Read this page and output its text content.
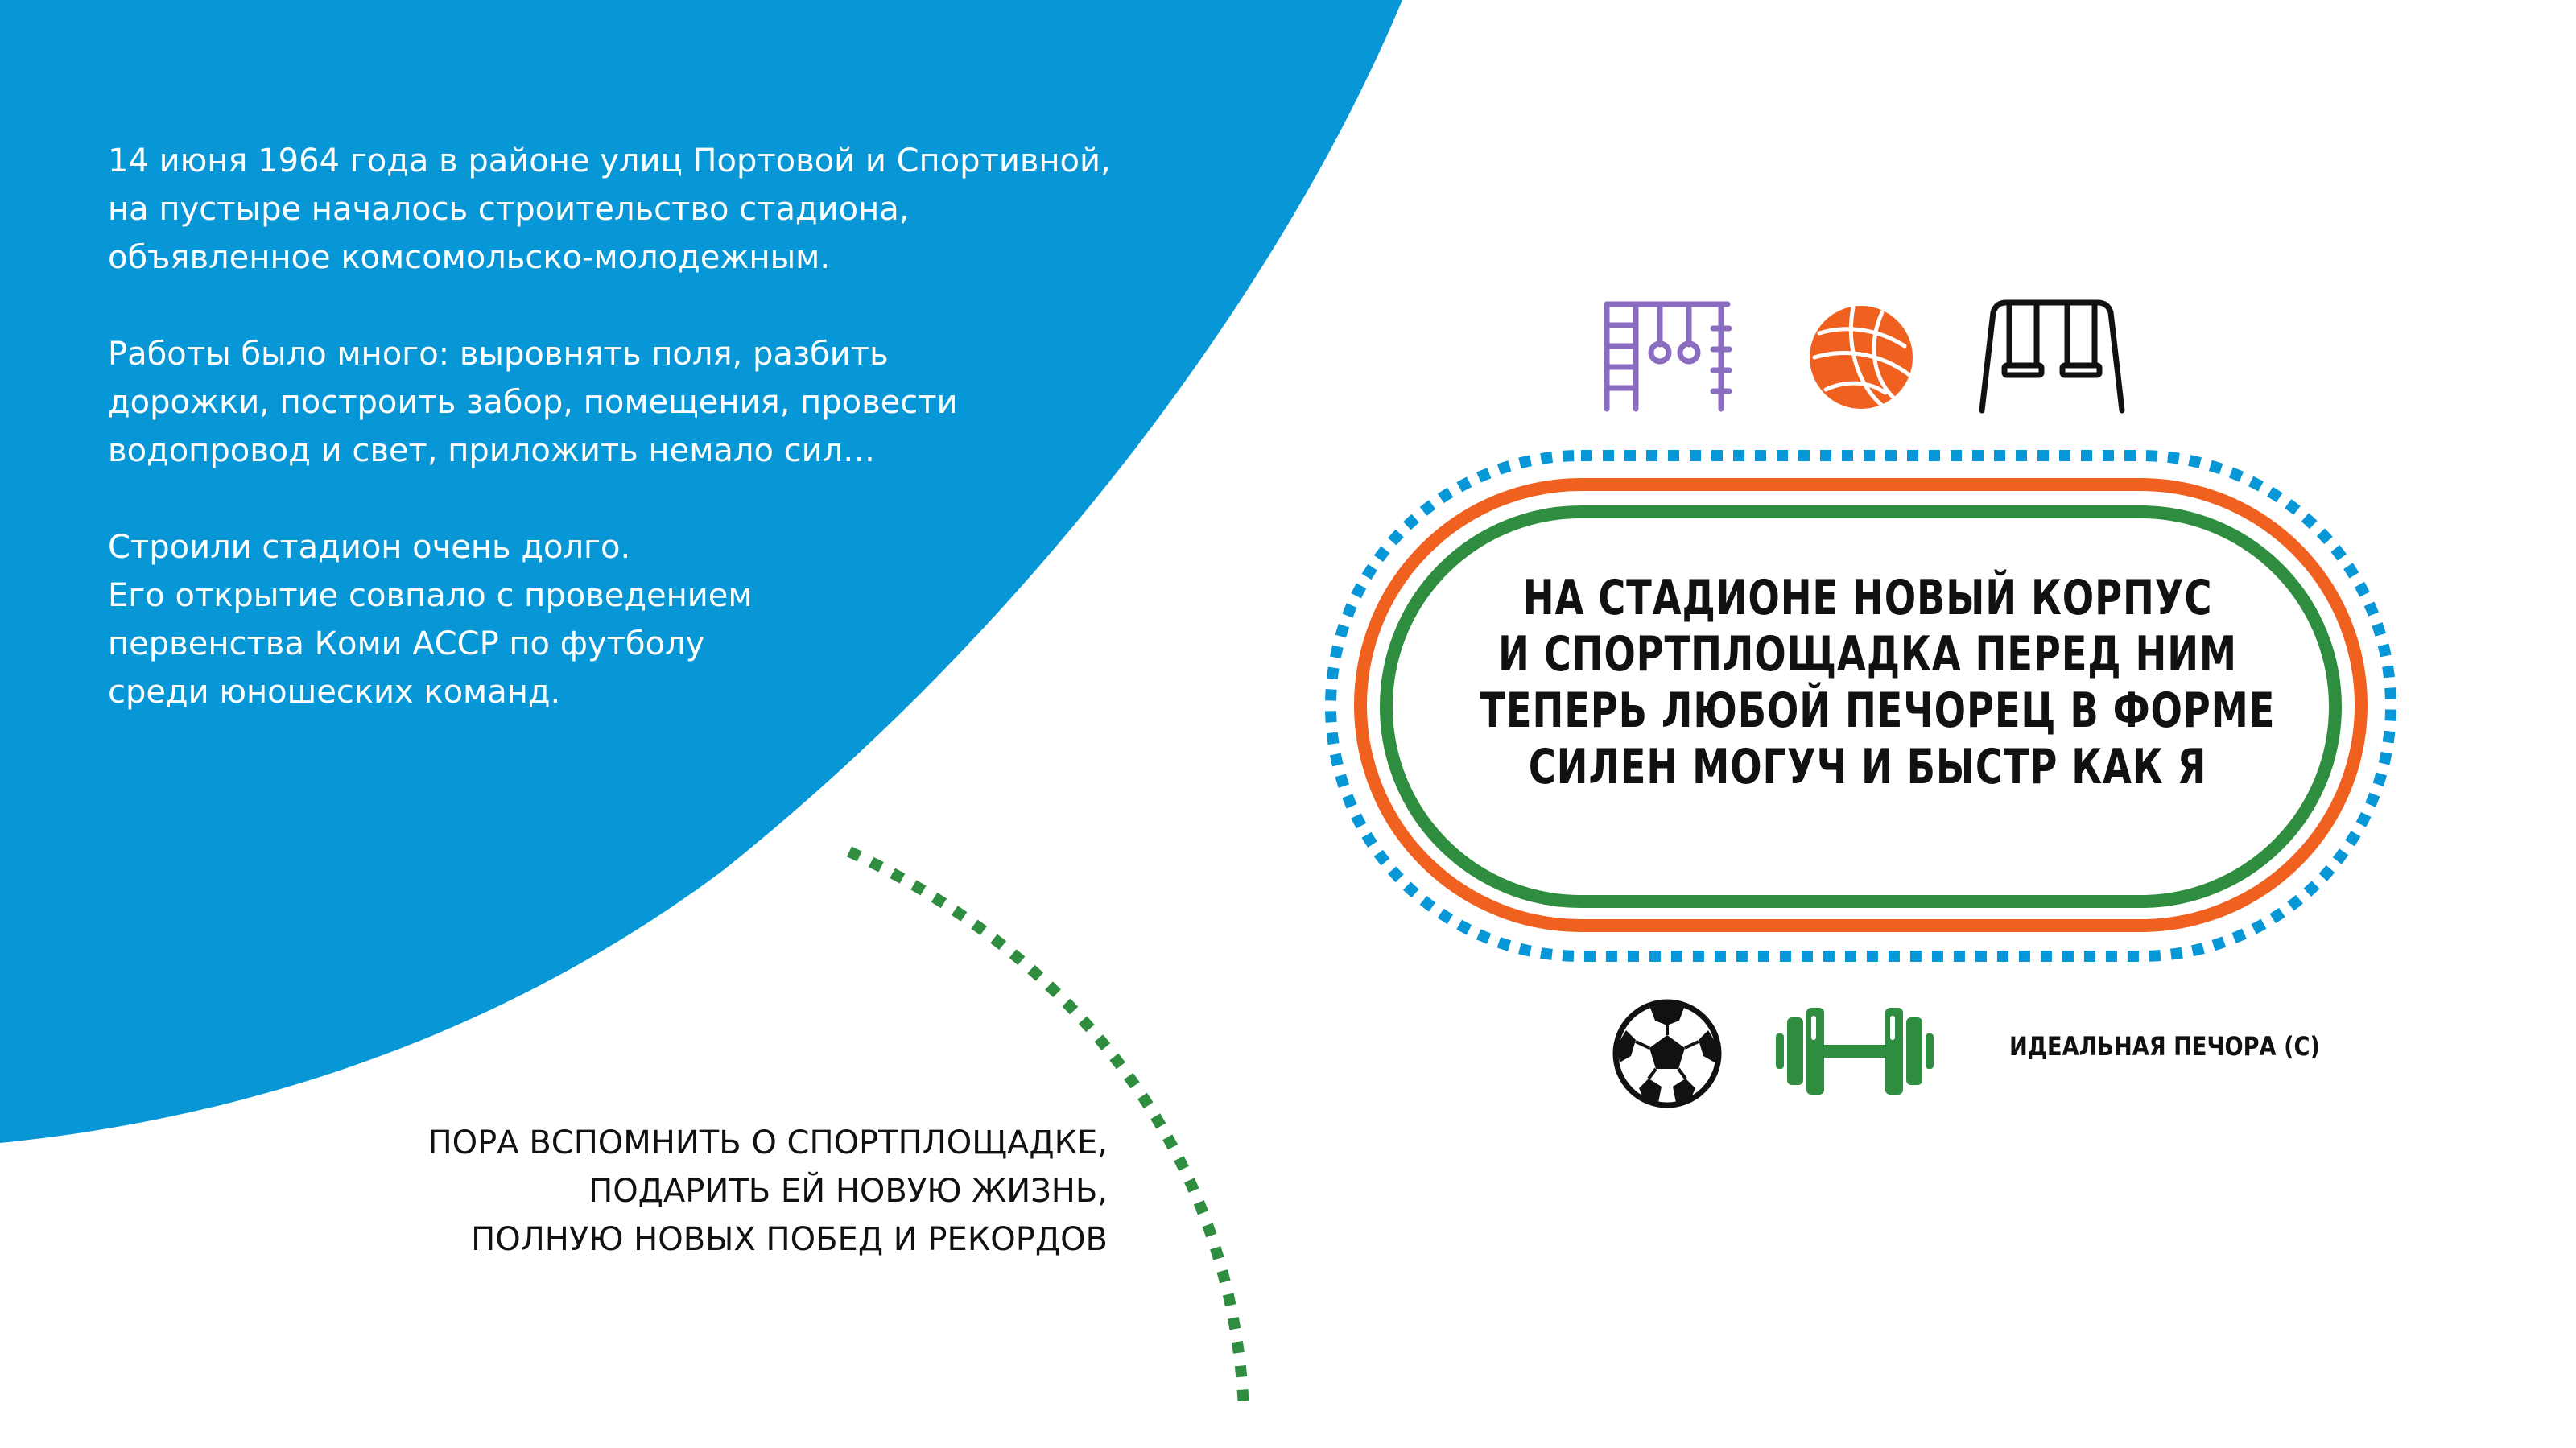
14 июня 1964 года в районе улиц Портовой и Спортивной,
на пустыре началось строительство стадиона,
объявленное комсомольско-молодежным.

Работы было много: выровнять поля, разбить
дорожки, построить забор, помещения, провести
водопровод и свет, приложить немало сил…

Строили стадион очень долго.
Его открытие совпало с проведением
первенства Коми АССР по футболу
среди юношеских команд.

ПОРА ВСПОМНИТЬ О СПОРТПЛОЩАДКЕ,
ПОДАРИТЬ ЕЙ НОВУЮ ЖИЗНЬ,
ПОЛНУЮ НОВЫХ ПОБЕД И РЕКОРДОВ
НА СТАДИОНЕ НОВЫЙ КОРПУС
И СПОРТПЛОЩАДКА ПЕРЕД НИМ
ТЕПЕРЬ ЛЮБОЙ ПЕЧОРЕЦ В ФОРМЕ
СИЛЕН МОГУЧ И БЫСТР КАК Я
ИДЕАЛЬНАЯ ПЕЧОРА (С)
